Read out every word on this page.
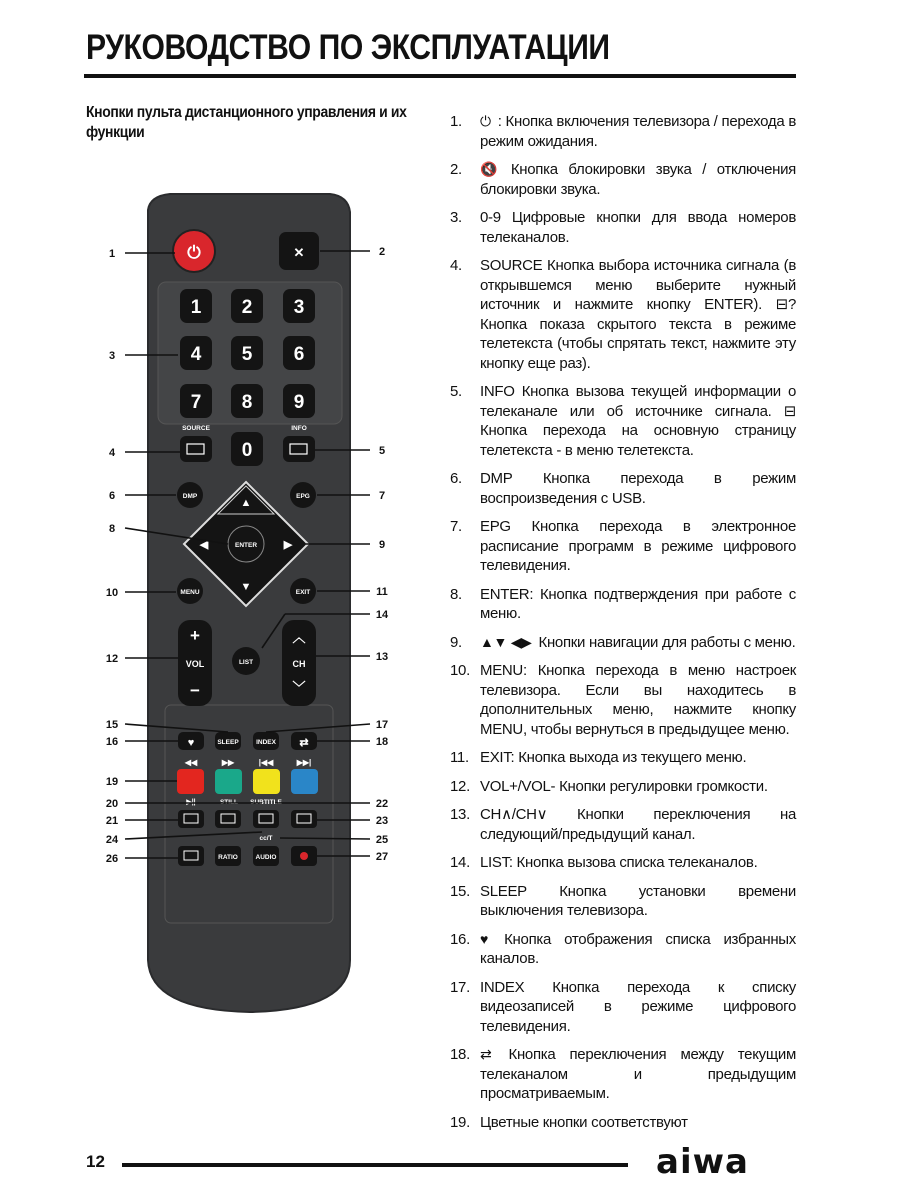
РУКОВОДСТВО ПО ЭКСПЛУАТАЦИИ
Кнопки пульта дистанционного управления и их функции
⏻	✕
1 2 3
4 5 6
7 8 9
0
SOURCE	INFO
DMP	EPG
▲
▼
◀	▶
ENTER
MENU	EXIT
+
VOL
−
LIST
︿
CH
﹀
♥	SLEEP	INDEX ⇄
◀◀	▶▶	|◀◀	▶▶|
▶||	STILL SUBTITLE
cc/T
RATIO	AUDIO
1	2
3
4	5
6	7
8
9
10	11
12	13
14
15
16
17
18
19
20
21
22
23
24	25
26	27
1. ⏻ : Кнопка включения телевизора / перехода в режим ожидания.
2. 🔇 Кнопка блокировки звука / отключения блокировки звука.
3. 0-9 Цифровые кнопки для ввода номеров телеканалов.
4. SOURCE Кнопка выбора источника сигнала (в открывшемся меню выберите нужный источник и нажмите кнопку ENTER). ⊟? Кнопка показа скрытого текста в режиме телетекста (чтобы спрятать текст, нажмите эту кнопку еще раз).
5. INFO Кнопка вызова текущей информации о телеканале или об источнике сигнала. ⊟ Кнопка перехода на основную страницу телетекста - в меню телетекста.
6. DMP Кнопка перехода в режим воспроизведения с USB.
7. EPG Кнопка перехода в электронное расписание программ в режиме цифрового телевидения.
8. ENTER: Кнопка подтверждения при работе с меню.
9. ▲▼ ◀▶ Кнопки навигации для работы с меню.
10. MENU: Кнопка перехода в меню настроек телевизора. Если вы находитесь в дополнительных меню, нажмите кнопку MENU, чтобы вернуться в предыдущее меню.
11. EXIT: Кнопка выхода из текущего меню.
12. VOL+/VOL- Кнопки регулировки громкости.
13. CH∧/CH∨ Кнопки переключения на следующий/предыдущий канал.
14. LIST: Кнопка вызова списка телеканалов.
15. SLEEP Кнопка установки времени выключения телевизора.
16. ♥ Кнопка отображения списка избранных каналов.
17. INDEX Кнопка перехода к списку видеозаписей в режиме цифрового телевидения.
18. ⇄ Кнопка переключения между текущим телеканалом и предыдущим просматриваемым.
19. Цветные кнопки соответствуют
12	aiwa
